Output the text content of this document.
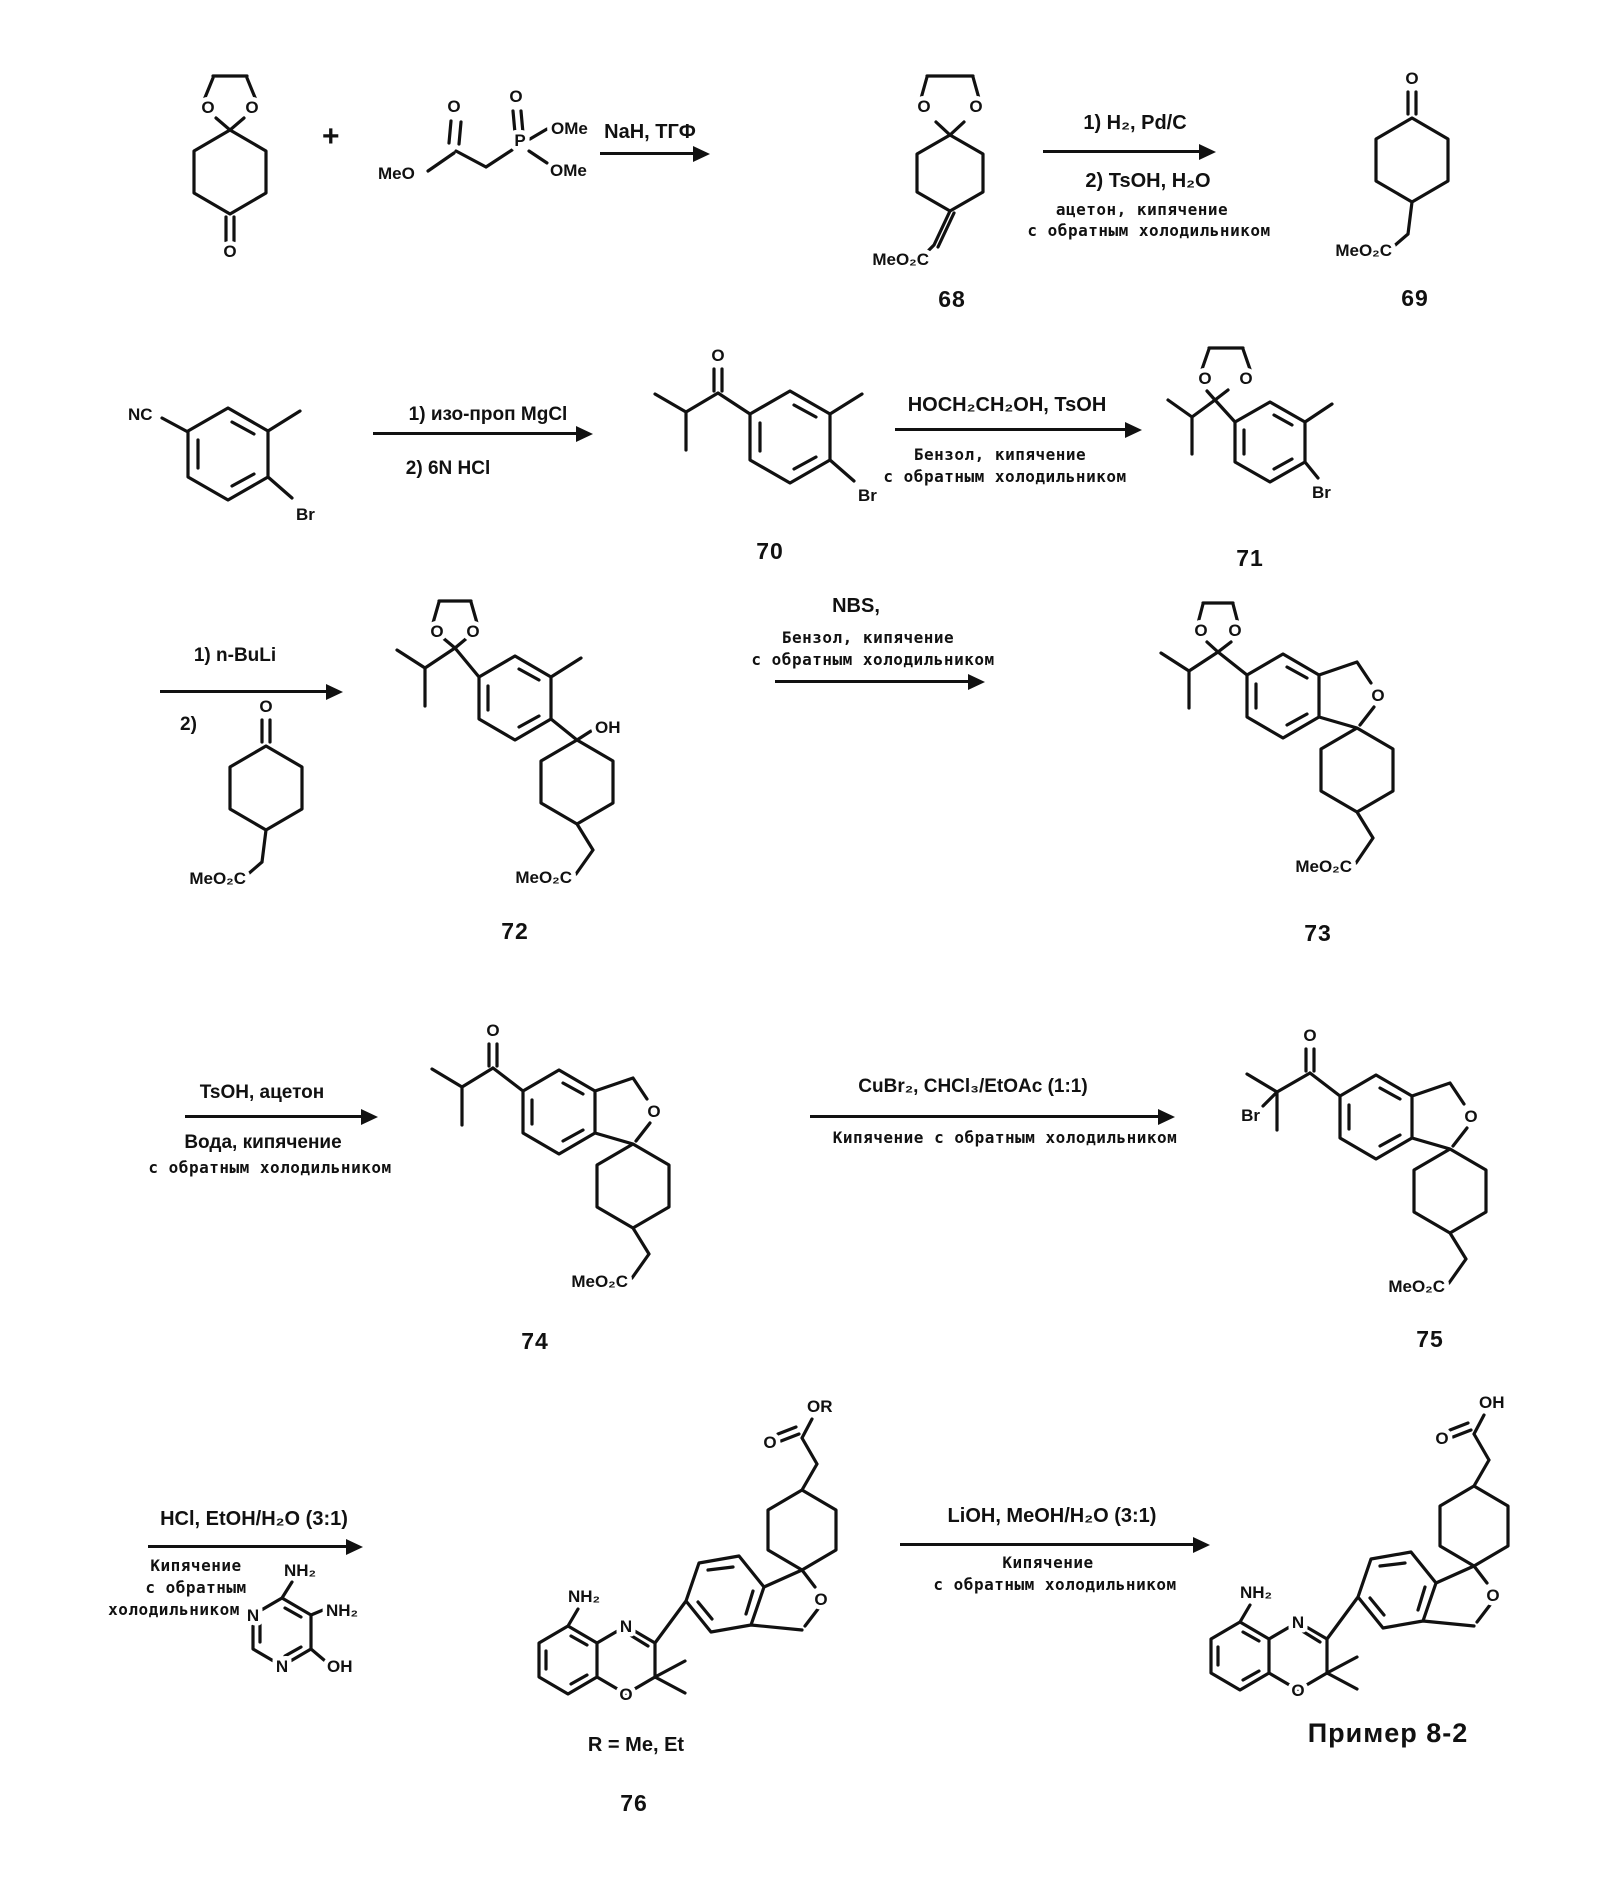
O O
O
+
MeO
O
P
O
OMe
OMe
NaH, ТГФ
O O
MeO₂C
68
1) H₂, Pd/C
2) TsOH, H₂O
ацетон, кипячение
с обратным холодильником
O
MeO₂C
69
NC
Br
1) изо-проп MgCl
2) 6N HCl
O
Br
70
HOCH₂CH₂OH, TsOH
Бензол, кипячение
с обратным холодильником
O O
Br
71
1) n-BuLi
2)
O
MeO₂C
O O
OH
MeO₂C
72
NBS,
Бензол, кипячение
с обратным холодильником
O O
O
MeO₂C
73
TsOH, ацетон
Вода, кипячение
с обратным холодильником
O
O
MeO₂C
74
CuBr₂, CHCl₃/EtOAc (1:1)
Кипячение с обратным холодильником
O
O
Br
MeO₂C
75
HCl, EtOH/H₂O (3:1)
Кипячение
с обратным
холодильником N
N
NH₂
NH₂
OH
NH₂
N
O
O
O
OR
R = Me, Et
76
LiOH, MeOH/H₂O (3:1)
Кипячение
с обратным холодильником	NH₂
N
O
O
O
OH
Пример 8-2
